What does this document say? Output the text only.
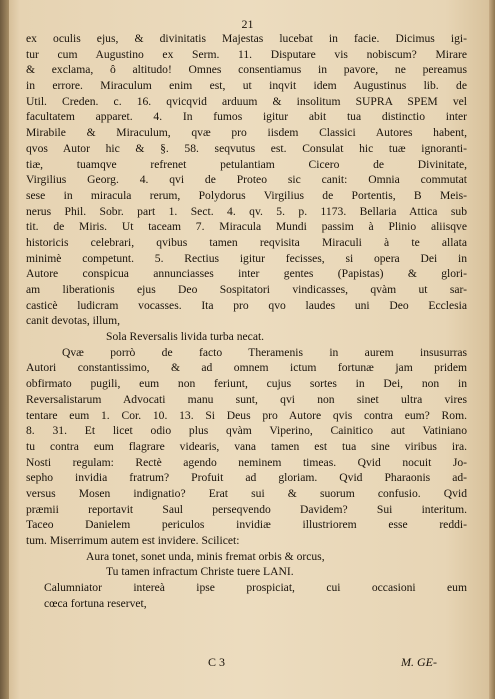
21
ex oculis ejus, & divinitatis Majestas lucebat in facie. Dicimus igi-
tur cum Augustino ex Serm. 11. Disputare vis nobiscum? Mirare
& exclama, ô altitudo! Omnes consentiamus in pavore, ne pereamus
in errore. Miraculum enim est, ut inqvit idem Augustinus lib. de
Util. Creden. c. 16. qvicqvid arduum & insolitum SUPRA SPEM vel
facultatem apparet. 4. In fumos igitur abit tua distinctio inter
Mirabile & Miraculum, qvæ pro iisdem Classici Autores habent,
qvos Autor hic & §. 58. seqvutus est. Consulat hic tuæ ignoranti-
tiæ, tuamqve refrenet petulantiam Cicero de Divinitate,
Virgilius Georg. 4. qvi de Proteo sic canit: Omnia commutat
sese in miracula rerum, Polydorus Virgilius de Portentis, B Meis-
nerus Phil. Sobr. part 1. Sect. 4. qv. 5. p. 1173. Bellaria Attica sub
tit. de Miris. Ut taceam 7. Miracula Mundi passim à Plinio aliisqve
historicis celebrari, qvibus tamen reqvisita Miraculi à te allata
minimè competunt. 5. Rectius igitur fecisses, si opera Dei in
Autore conspicua annunciasses inter gentes (Papistas) & glori-
am liberationis ejus Deo Sospitatori vindicasses, qvàm ut sar-
casticè ludicram vocasses. Ita pro qvo laudes uni Deo Ecclesia
canit devotas, illum,
Sola Reversalis livida turba necat.
Qvæ porrò de facto Theramenis in aurem insusurras
Autori constantissimo, & ad omnem ictum fortunæ jam pridem
obfirmato pugili, eum non feriunt, cujus sortes in Dei, non in
Reversalistarum Advocati manu sunt, qvi non sinet ultra vires
tentare eum 1. Cor. 10. 13. Si Deus pro Autore qvis contra eum? Rom.
8. 31. Et licet odio plus qvàm Viperino, Cainitico aut Vatiniano
tu contra eum flagrare videaris, vana tamen est tua sine viribus ira.
Nosti regulam: Rectè agendo neminem timeas. Qvid nocuit Jo-
sepho invidia fratrum? Profuit ad gloriam. Qvid Pharaonis ad-
versus Mosen indignatio? Erat sui & suorum confusio. Qvid
præmii reportavit Saul perseqvendo Davidem? Sui interitum.
Taceo Danielem periculos invidiæ illustriorem esse reddi-
tum. Miserrimum autem est invidere. Scilicet:
Aura tonet, sonet unda, minis fremat orbis & orcus,
Tu tamen infractum Christe tuere LANI.
Calumniator intereà ipse prospiciat, cui occasioni eum
cœca fortuna reservet,
C 3	M. GE-
